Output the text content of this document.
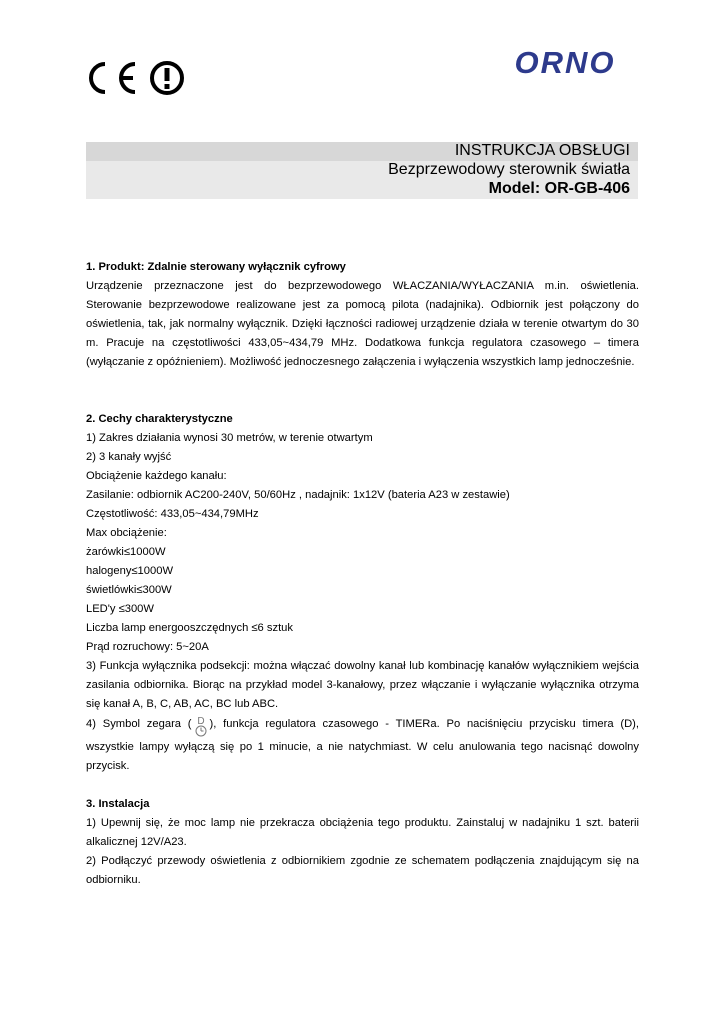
ORNO
INSTRUKCJA OBSŁUGI
Bezprzewodowy sterownik światła
Model: OR-GB-406

1. Produkt: Zdalnie sterowany wyłącznik cyfrowy

Urządzenie przeznaczone jest do bezprzewodowego WŁACZANIA/WYŁACZANIA m.in. oświetlenia. Sterowanie bezprzewodowe realizowane jest za pomocą pilota (nadajnika). Odbiornik jest połączony do oświetlenia, tak, jak normalny wyłącznik. Dzięki łączności radiowej urządzenie działa w terenie otwartym do 30 m. Pracuje na częstotliwości 433,05~434,79 MHz. Dodatkowa funkcja regulatora czasowego – timera (wyłączanie z opóźnieniem). Możliwość jednoczesnego załączenia i wyłączenia wszystkich lamp jednocześnie.

2. Cechy charakterystyczne

1) Zakres działania wynosi 30 metrów, w terenie otwartym

2) 3 kanały wyjść

Obciążenie każdego kanału:

Zasilanie: odbiornik AC200-240V, 50/60Hz , nadajnik: 1x12V (bateria A23 w zestawie)

Częstotliwość: 433,05~434,79MHz

Max obciążenie:

żarówki≤1000W

halogeny≤1000W

świetlówki≤300W

LED'y ≤300W

Liczba lamp energooszczędnych ≤6 sztuk

Prąd rozruchowy: 5~20A

3) Funkcja wyłącznika podsekcji: można włączać dowolny kanał lub kombinację kanałów wyłącznikiem wejścia zasilania odbiornika. Biorąc na przykład model 3-kanałowy, przez włączanie i wyłączanie wyłącznika otrzyma się kanał A, B, C, AB, AC, BC lub ABC.

4) Symbol zegara ( D ), funkcja regulatora czasowego - TIMERa. Po naciśnięciu przycisku timera (D), wszystkie lampy wyłączą się po 1 minucie, a nie natychmiast. W celu anulowania tego nacisnąć dowolny przycisk.

3. Instalacja

1) Upewnij się, że moc lamp nie przekracza obciążenia tego produktu. Zainstaluj w nadajniku 1 szt. baterii alkalicznej 12V/A23.

2) Podłączyć przewody oświetlenia z odbiornikiem zgodnie ze schematem podłączenia znajdującym się na odbiorniku.
